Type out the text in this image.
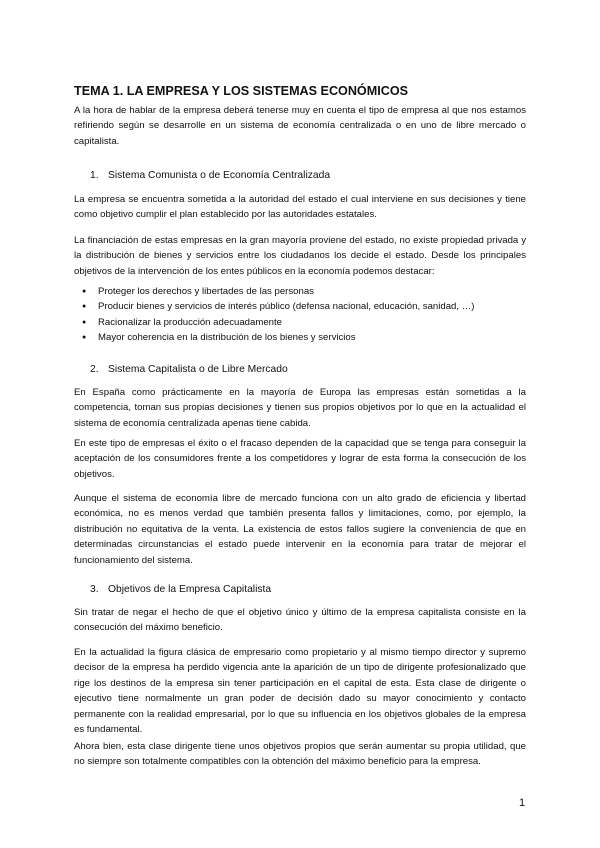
TEMA 1. LA EMPRESA Y LOS SISTEMAS ECONÓMICOS

A la hora de hablar de la empresa deberá tenerse muy en cuenta el tipo de empresa al que nos estamos refiriendo según se desarrolle en un sistema de economía centralizada o en uno de libre mercado o capitalista.

1. Sistema Comunista o de Economía Centralizada

La empresa se encuentra sometida a la autoridad del estado el cual interviene en sus decisiones y tiene como objetivo cumplir el plan establecido por las autoridades estatales.

La financiación de estas empresas en la gran mayoría proviene del estado, no existe propiedad privada y la distribución de bienes y servicios entre los ciudadanos los decide el estado. Desde los principales objetivos de la intervención de los entes públicos en la economía podemos destacar:

● Proteger los derechos y libertades de las personas
● Producir bienes y servicios de interés público (defensa nacional, educación, sanidad, …)
● Racionalizar la producción adecuadamente
● Mayor coherencia en la distribución de los bienes y servicios

2. Sistema Capitalista o de Libre Mercado

En España como prácticamente en la mayoría de Europa las empresas están sometidas a la competencia, toman sus propias decisiones y tienen sus propios objetivos por lo que en la actualidad el sistema de economía centralizada apenas tiene cabida.

En este tipo de empresas el éxito o el fracaso dependen de la capacidad que se tenga para conseguir la aceptación de los consumidores frente a los competidores y lograr de esta forma la consecución de los objetivos.

Aunque el sistema de economía libre de mercado funciona con un alto grado de eficiencia y libertad económica, no es menos verdad que también presenta fallos y limitaciones, como, por ejemplo, la distribución no equitativa de la venta. La existencia de estos fallos sugiere la conveniencia de que en determinadas circunstancias el estado puede intervenir en la economía para tratar de mejorar el funcionamiento del sistema.

3. Objetivos de la Empresa Capitalista

Sin tratar de negar el hecho de que el objetivo único y último de la empresa capitalista consiste en la consecución del máximo beneficio.

En la actualidad la figura clásica de empresario como propietario y al mismo tiempo director y supremo decisor de la empresa ha perdido vigencia ante la aparición de un tipo de dirigente profesionalizado que rige los destinos de la empresa sin tener participación en el capital de esta. Esta clase de dirigente o ejecutivo tiene normalmente un gran poder de decisión dado su mayor conocimiento y contacto permanente con la realidad empresarial, por lo que su influencia en los objetivos globales de la empresa es fundamental.

Ahora bien, esta clase dirigente tiene unos objetivos propios que serán aumentar su propia utilidad, que no siempre son totalmente compatibles con la obtención del máximo beneficio para la empresa.

1
